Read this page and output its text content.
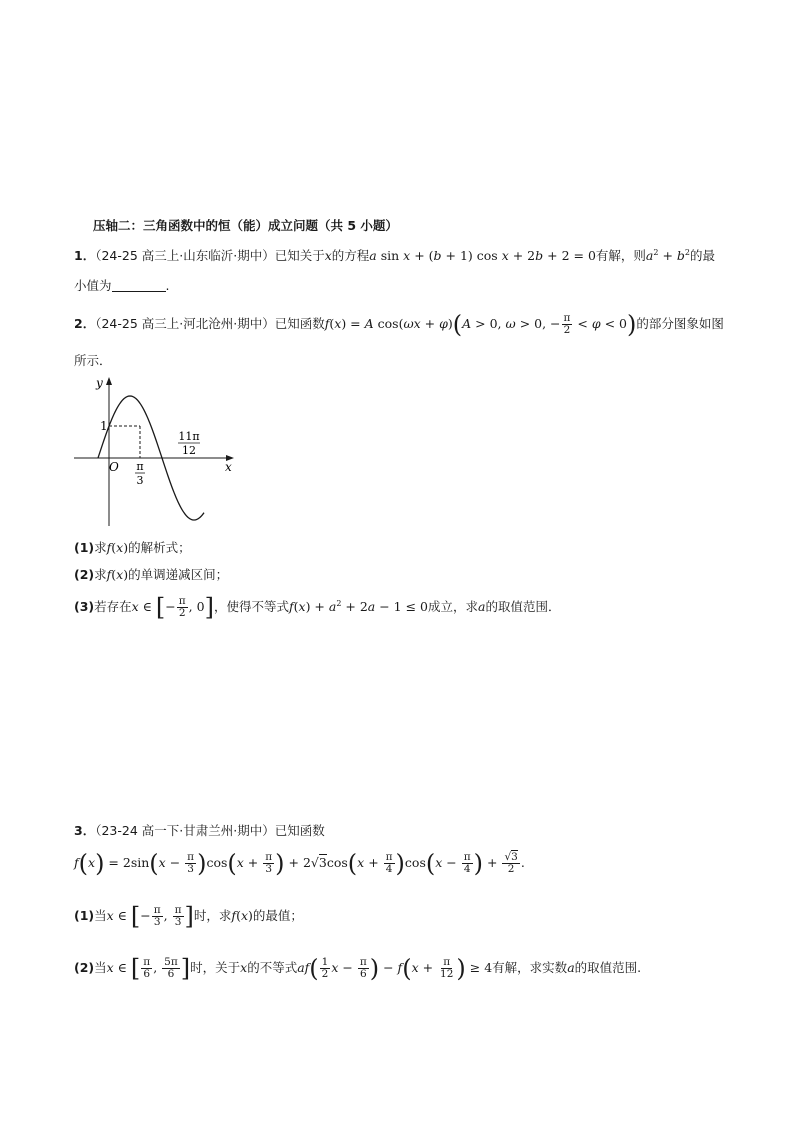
压轴二：三角函数中的恒（能）成立问题（共 5 小题）
1．（24-25 高三上·山东临沂·期中）已知关于x的方程a sin x + (b + 1) cos x + 2b + 2 = 0有解，则$a^2 + b^2$的最
小值为	.
2．（24-25 高三上·河北沧州·期中）已知函数f(x) = A cos(ωx + φ)(A > 0, ω > 0, − $\frac{\pi}{2} < \varphi < 0$)的部分图象如图
所示．
y
x
O
1
π
3
11π
12
(1)求f(x)的解析式；
(2)求f(x)的单调递减区间；
(3)若存在x ∈ [− $\frac{\pi}{2}$ , 0]，使得不等式$f(x) + a^2 + 2a - 1 \le 0$成立，求a的取值范围．
3．（23-24 高一下·甘肃兰州·期中）已知函数
$f(x) = 2\sin(x - \frac{\pi}{3} )\cos(x + \frac{\pi}{3}$ ) + $2√3\cos(x + \frac{\pi}{4} )\cos(x - \frac{\pi}{4}$ ) + $\frac{√3}{2}$ .
(1)当x ∈ [− $\frac{\pi}{3}$ , $\frac{\pi}{3}$ ]时，求f(x)的最值；
(2)当x ∈ [ $\frac{\pi}{6}$ , $\frac{5\pi}{6}$ ]时，关于x的不等式$af( \frac{1}{2}$ $x - \frac{\pi}{6}$ ) − $f(x + \frac{\pi}{12}$ ) ≥ 4有解，求实数a的取值范围.
